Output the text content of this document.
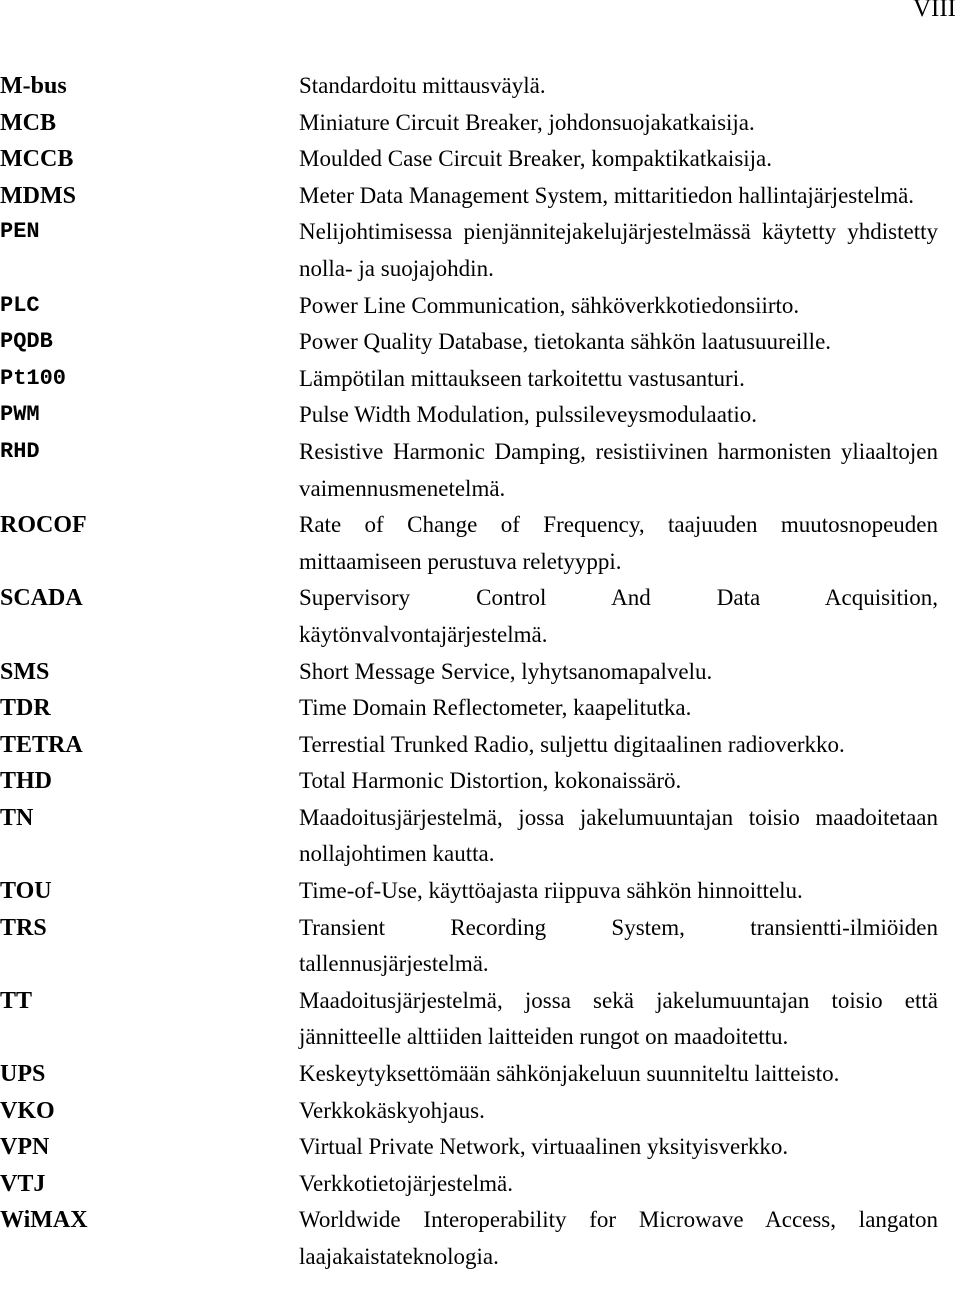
VIII
M-bus	Standardoitu mittausväylä.
MCB	Miniature Circuit Breaker, johdonsuojakatkaisija.
MCCB	Moulded Case Circuit Breaker, kompaktikatkaisija.
MDMS	Meter Data Management System, mittaritiedon hallintajärjestelmä.
PEN	Nelijohtimisessa pienjännitejakelujärjestelmässä käytetty yhdistetty nolla- ja suojajohdin.
PLC	Power Line Communication, sähköverkkotiedonsiirto.
PQDB	Power Quality Database, tietokanta sähkön laatusuureille.
Pt100	Lämpötilan mittaukseen tarkoitettu vastusanturi.
PWM	Pulse Width Modulation, pulssileveysmodulaatio.
RHD	Resistive Harmonic Damping, resistiivinen harmonisten yliaaltojen vaimennusmenetelmä.
ROCOF	Rate of Change of Frequency, taajuuden muutosnopeuden mittaamiseen perustuva reletyyppi.
SCADA	Supervisory Control And Data Acquisition, käytönvalvontajärjestelmä.
SMS	Short Message Service, lyhytsanomapalvelu.
TDR	Time Domain Reflectometer, kaapelitutka.
TETRA	Terrestial Trunked Radio, suljettu digitaalinen radioverkko.
THD	Total Harmonic Distortion, kokonaissärö.
TN	Maadoitusjärjestelmä, jossa jakelumuuntajan toisio maadoitetaan nollajohtimen kautta.
TOU	Time-of-Use, käyttöajasta riippuva sähkön hinnoittelu.
TRS	Transient Recording System, transientti-ilmiöiden tallennusjärjestelmä.
TT	Maadoitusjärjestelmä, jossa sekä jakelumuuntajan toisio että jännitteelle alttiiden laitteiden rungot on maadoitettu.
UPS	Keskeytyksettömään sähkönjakeluun suunniteltu laitteisto.
VKO	Verkkokäskyohjaus.
VPN	Virtual Private Network, virtuaalinen yksityisverkko.
VTJ	Verkkotietojärjestelmä.
WiMAX	Worldwide Interoperability for Microwave Access, langaton laajakaistateknologia.
